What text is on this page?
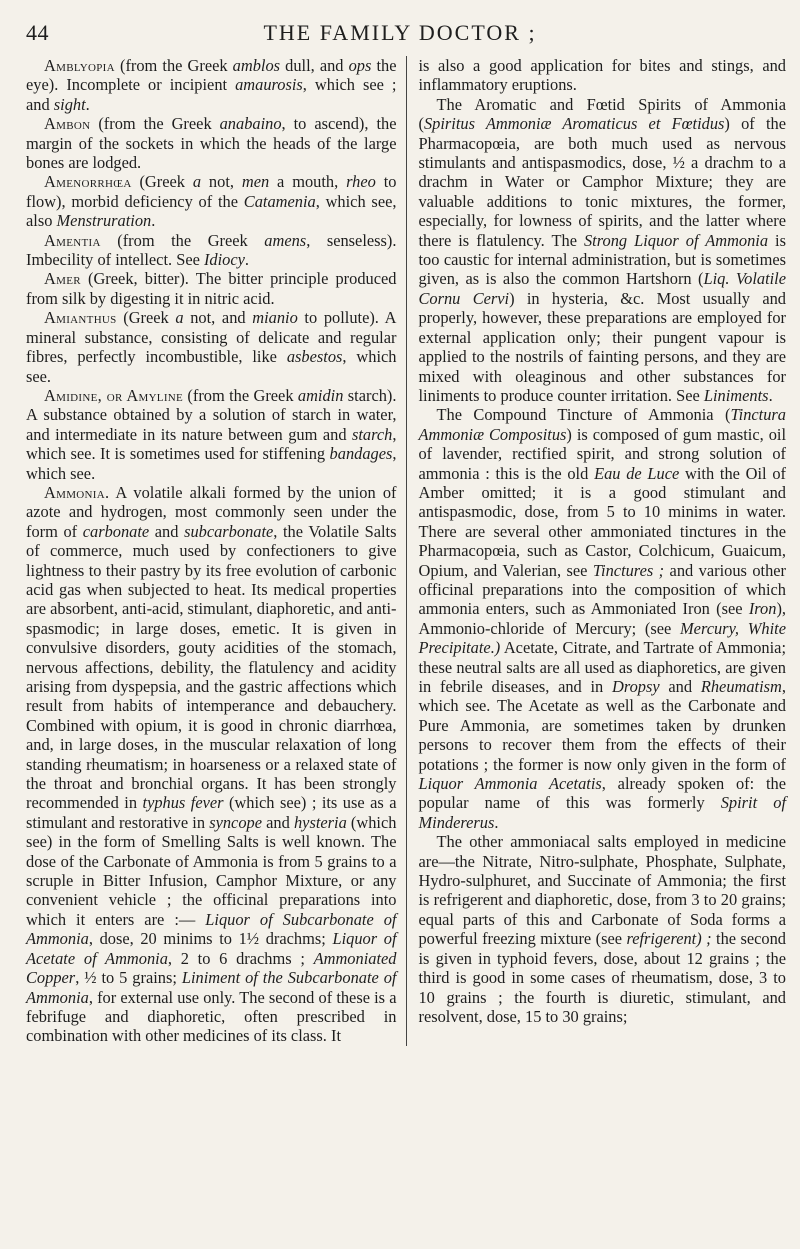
44	THE FAMILY DOCTOR ;

Amblyopia (from the Greek amblos dull, and ops the eye). Incomplete or incipient amaurosis, which see ; and sight.

Ambon (from the Greek anabaino, to ascend), the margin of the sockets in which the heads of the large bones are lodged.

Amenorrhœa (Greek a not, men a mouth, rheo to flow), morbid deficiency of the Catamenia, which see, also Menstruration.

Amentia (from the Greek amens, senseless). Imbecility of intellect. See Idiocy.

Amer (Greek, bitter). The bitter principle produced from silk by digesting it in nitric acid.

Amianthus (Greek a not, and mianio to pollute). A mineral substance, consisting of delicate and regular fibres, perfectly incombustible, like asbestos, which see.

Amidine, or Amyline (from the Greek amidin starch). A substance obtained by a solution of starch in water, and intermediate in its nature between gum and starch, which see. It is sometimes used for stiffening bandages, which see.

Ammonia. A volatile alkali formed by the union of azote and hydrogen, most commonly seen under the form of carbonate and subcarbonate, the Volatile Salts of commerce, much used by confectioners to give lightness to their pastry by its free evolution of carbonic acid gas when subjected to heat. Its medical properties are absorbent, anti-acid, stimulant, diaphoretic, and anti-spasmodic; in large doses, emetic. It is given in convulsive disorders, gouty acidities of the stomach, nervous affections, debility, the flatulency and acidity arising from dyspepsia, and the gastric affections which result from habits of intemperance and debauchery. Combined with opium, it is good in chronic diarrhœa, and, in large doses, in the muscular relaxation of long standing rheumatism; in hoarseness or a relaxed state of the throat and bronchial organs. It has been strongly recommended in typhus fever (which see) ; its use as a stimulant and restorative in syncope and hysteria (which see) in the form of Smelling Salts is well known. The dose of the Carbonate of Ammonia is from 5 grains to a scruple in Bitter Infusion, Camphor Mixture, or any convenient vehicle ; the officinal preparations into which it enters are :— Liquor of Subcarbonate of Ammonia, dose, 20 minims to 1½ drachms; Liquor of Acetate of Ammonia, 2 to 6 drachms ; Ammoniated Copper, ½ to 5 grains; Liniment of the Subcarbonate of Ammonia, for external use only. The second of these is a febrifuge and diaphoretic, often prescribed in combination with other medicines of its class. It

is also a good application for bites and stings, and inflammatory eruptions.

The Aromatic and Fœtid Spirits of Ammonia (Spiritus Ammoniæ Aromaticus et Fœtidus) of the Pharmacopœia, are both much used as nervous stimulants and antispasmodics, dose, ½ a drachm to a drachm in Water or Camphor Mixture; they are valuable additions to tonic mixtures, the former, especially, for lowness of spirits, and the latter where there is flatulency. The Strong Liquor of Ammonia is too caustic for internal administration, but is sometimes given, as is also the common Hartshorn (Liq. Volatile Cornu Cervi) in hysteria, &c. Most usually and properly, however, these preparations are employed for external application only; their pungent vapour is applied to the nostrils of fainting persons, and they are mixed with oleaginous and other substances for liniments to produce counter irritation. See Liniments.

The Compound Tincture of Ammonia (Tinctura Ammoniæ Compositus) is composed of gum mastic, oil of lavender, rectified spirit, and strong solution of ammonia : this is the old Eau de Luce with the Oil of Amber omitted; it is a good stimulant and antispasmodic, dose, from 5 to 10 minims in water. There are several other ammoniated tinctures in the Pharmacopœia, such as Castor, Colchicum, Guaicum, Opium, and Valerian, see Tinctures ; and various other officinal preparations into the composition of which ammonia enters, such as Ammoniated Iron (see Iron), Ammonio-chloride of Mercury; (see Mercury, White Precipitate.) Acetate, Citrate, and Tartrate of Ammonia; these neutral salts are all used as diaphoretics, are given in febrile diseases, and in Dropsy and Rheumatism, which see. The Acetate as well as the Carbonate and Pure Ammonia, are sometimes taken by drunken persons to recover them from the effects of their potations ; the former is now only given in the form of Liquor Ammonia Acetatis, already spoken of: the popular name of this was formerly Spirit of Mindererus.

The other ammoniacal salts employed in medicine are—the Nitrate, Nitro-sulphate, Phosphate, Sulphate, Hydro-sulphuret, and Succinate of Ammonia; the first is refrigerent and diaphoretic, dose, from 3 to 20 grains; equal parts of this and Carbonate of Soda forms a powerful freezing mixture (see refrigerent) ; the second is given in typhoid fevers, dose, about 12 grains ; the third is good in some cases of rheumatism, dose, 3 to 10 grains ; the fourth is diuretic, stimulant, and resolvent, dose, 15 to 30 grains;
